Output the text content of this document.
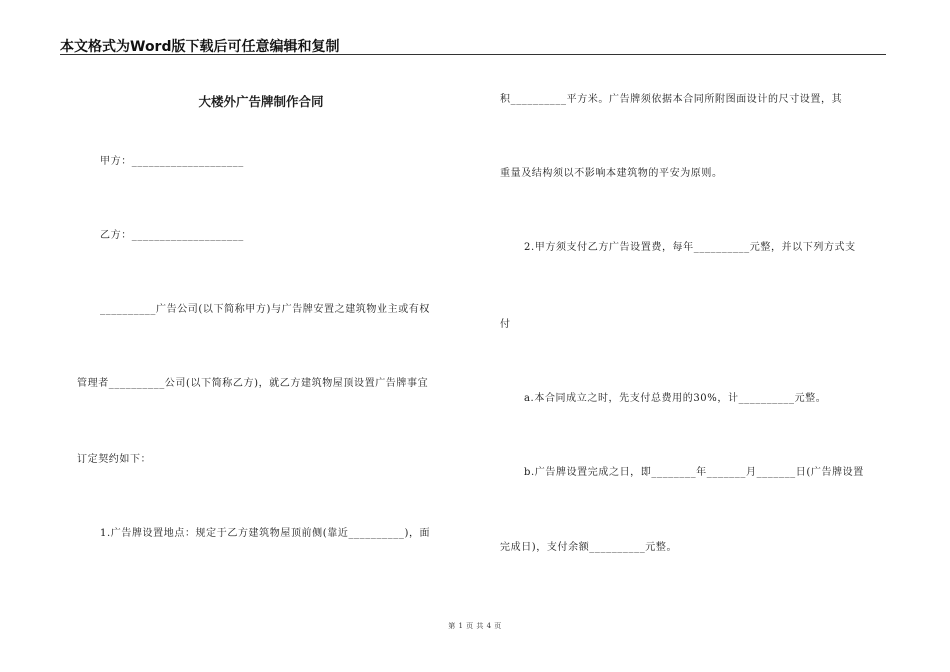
本文格式为Word版下载后可任意编辑和复制
大楼外广告牌制作合同
甲方：____________________
乙方：____________________
__________广告公司(以下简称甲方)与广告牌安置之建筑物业主或有权
管理者__________公司(以下简称乙方)，就乙方建筑物屋顶设置广告牌事宜
订定契约如下：
1.广告牌设置地点：规定于乙方建筑物屋顶前侧(靠近__________)，面
积__________平方米。广告牌须依据本合同所附图面设计的尺寸设置，其
重量及结构须以不影响本建筑物的平安为原则。
2.甲方须支付乙方广告设置费，每年__________元整，并以下列方式支
付
a.本合同成立之时，先支付总费用的30%，计__________元整。
b.广告牌设置完成之日，即________年_______月_______日(广告牌设置
完成日)，支付余额__________元整。
第 1 页 共 4 页
